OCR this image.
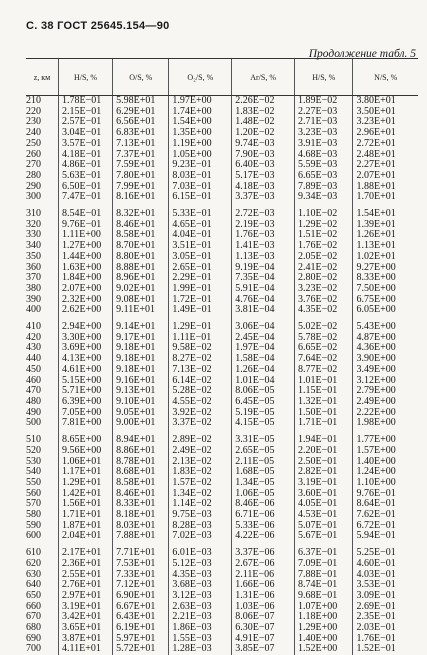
С. 38 ГОСТ 25645.154—90
Продолжение табл. 5
z, км	H/S, %	O/S, %	O₂/S, %	Ar/S, %	H/S, %	N/S, %
210	1.78E−01	5.98E+01	1.97E+00	2.26E−02	1.89E−02	3.80E+01
220	2.15E−01	6.29E+01	1.74E+00	1.83E−02	2.27E−03	3.50E+01
230	2.57E−01	6.56E+01	1.54E+00	1.48E−02	2.71E−03	3.23E+01
240	3.04E−01	6.83E+01	1.35E+00	1.20E−02	3.23E−03	2.96E+01
250	3.57E−01	7.13E+01	1.19E+00	9.74E−03	3.91E−03	2.72E+01
260	4.18E−01	7.37E+01	1.05E+00	7.90E−03	4.68E−03	2.48E+01
270	4.86E−01	7.59E+01	9.23E−01	6.40E−03	5.59E−03	2.27E+01
280	5.63E−01	7.80E+01	8.03E−01	5.17E−03	6.65E−03	2.07E+01
290	6.50E−01	7.99E+01	7.03E−01	4.18E−03	7.89E−03	1.88E+01
300	7.47E−01	8.16E+01	6.15E−01	3.37E−03	9.34E−03	1.70E+01
310	8.54E−01	8.32E+01	5.33E−01	2.72E−03	1.10E−02	1.54E+01
320	9.76E−01	8.46E+01	4.65E−01	2.19E−03	1.29E−02	1.39E+01
330	1.11E+00	8.58E+01	4.04E−01	1.76E−03	1.51E−02	1.26E+01
340	1.27E+00	8.70E+01	3.51E−01	1.41E−03	1.76E−02	1.13E+01
350	1.44E+00	8.80E+01	3.05E−01	1.13E−03	2.05E−02	1.02E+01
360	1.63E+00	8.88E+01	2.65E−01	9.19E−04	2.41E−02	9.27E+00
370	1.84E+00	8.96E+01	2.29E−01	7.35E−04	2.80E−02	8.33E+00
380	2.07E+00	9.02E+01	1.99E−01	5.91E−04	3.23E−02	7.50E+00
390	2.32E+00	9.08E+01	1.72E−01	4.76E−04	3.76E−02	6.75E+00
400	2.62E+00	9.11E+01	1.49E−01	3.81E−04	4.35E−02	6.05E+00
410	2.94E+00	9.14E+01	1.29E−01	3.06E−04	5.02E−02	5.43E+00
420	3.30E+00	9.17E+01	1.11E−01	2.45E−04	5.78E−02	4.87E+00
430	3.69E+00	9.18E+01	9.58E−02	1.97E−04	6.65E−02	4.36E+00
440	4.13E+00	9.18E+01	8.27E−02	1.58E−04	7.64E−02	3.90E+00
450	4.61E+00	9.18E+01	7.13E−02	1.26E−04	8.77E−02	3.49E+00
460	5.15E+00	9.16E+01	6.14E−02	1.01E−04	1.01E−01	3.12E+00
470	5.71E+00	9.13E+01	5.28E−02	8.06E−05	1.15E−01	2.79E+00
480	6.39E+00	9.10E+01	4.55E−02	6.45E−05	1.32E−01	2.49E+00
490	7.05E+00	9.05E+01	3.92E−02	5.19E−05	1.50E−01	2.22E+00
500	7.81E+00	9.00E+01	3.37E−02	4.15E−05	1.71E−01	1.98E+00
510	8.65E+00	8.94E+01	2.89E−02	3.31E−05	1.94E−01	1.77E+00
520	9.56E+00	8.86E+01	2.49E−02	2.65E−05	2.20E−01	1.57E+00
530	1.06E+01	8.78E+01	2.13E−02	2.11E−05	2.50E−01	1.40E+00
540	1.17E+01	8.68E+01	1.83E−02	1.68E−05	2.82E−01	1.24E+00
550	1.29E+01	8.58E+01	1.57E−02	1.34E−05	3.19E−01	1.10E+00
560	1.42E+01	8.46E+01	1.34E−02	1.06E−05	3.60E−01	9.76E−01
570	1.56E+01	8.33E+01	1.14E−02	8.46E−06	4.05E−01	8.64E−01
580	1.71E+01	8.18E+01	9.75E−03	6.71E−06	4.53E−01	7.62E−01
590	1.87E+01	8.03E+01	8.28E−03	5.33E−06	5.07E−01	6.72E−01
600	2.04E+01	7.88E+01	7.02E−03	4.22E−06	5.67E−01	5.94E−01
610	2.17E+01	7.71E+01	6.01E−03	3.37E−06	6.37E−01	5.25E−01
620	2.36E+01	7.53E+01	5.12E−03	2.67E−06	7.09E−01	4.60E−01
630	2.55E+01	7.33E+01	4.35E−03	2.11E−06	7.88E−01	4.03E−01
640	2.76E+01	7.12E+01	3.68E−03	1.66E−06	8.74E−01	3.53E−01
650	2.97E+01	6.90E+01	3.12E−03	1.31E−06	9.68E−01	3.09E−01
660	3.19E+01	6.67E+01	2.63E−03	1.03E−06	1.07E+00	2.69E−01
670	3.42E+01	6.43E+01	2.21E−03	8.06E−07	1.18E+00	2.35E−01
680	3.65E+01	6.19E+01	1.86E−03	6.30E−07	1.29E+00	2.03E−01
690	3.87E+01	5.97E+01	1.55E−03	4.91E−07	1.40E+00	1.76E−01
700	4.11E+01	5.72E+01	1.28E−03	3.85E−07	1.52E+00	1.52E−01
